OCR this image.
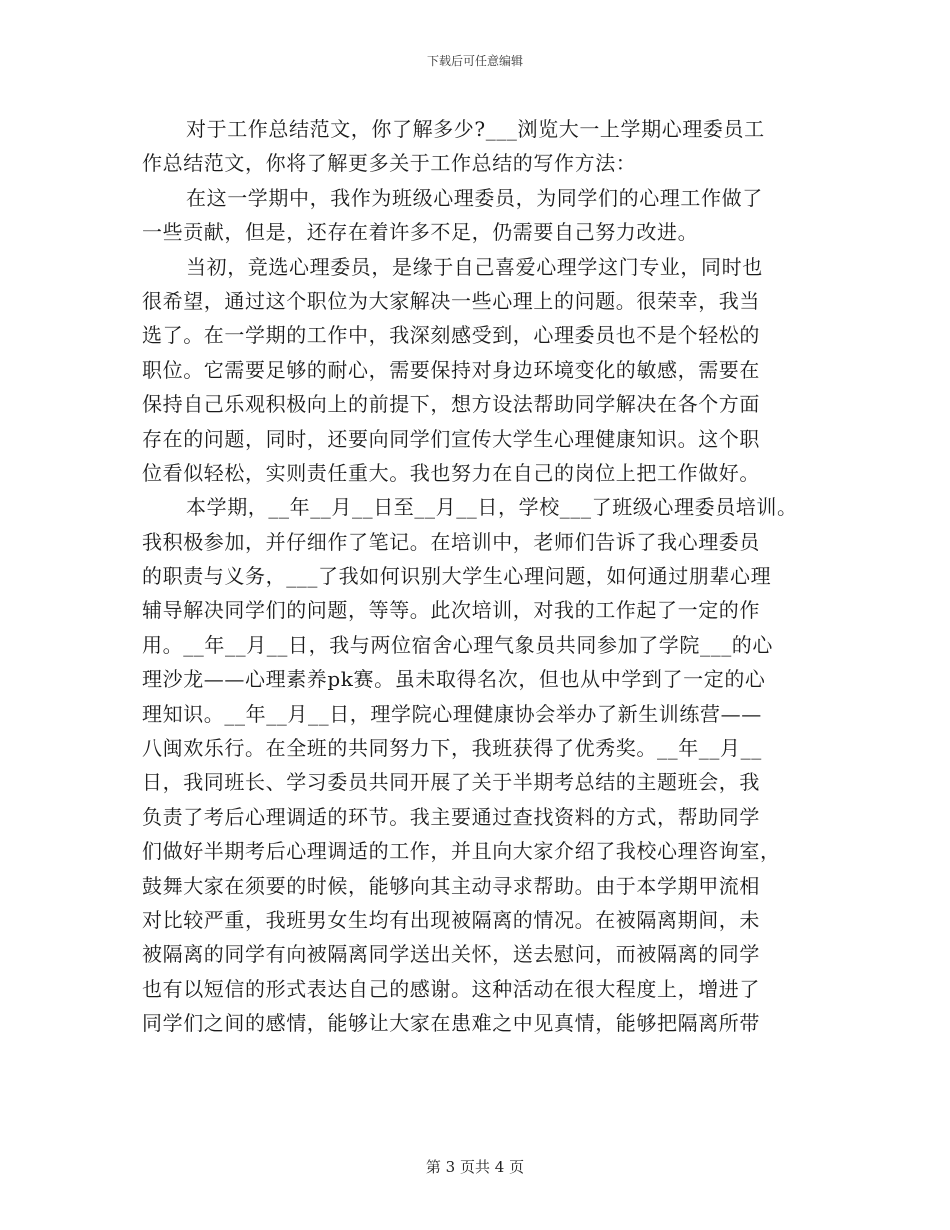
下载后可任意编辑
对于工作总结范文，你了解多少?___浏览大一上学期心理委员工
作总结范文，你将了解更多关于工作总结的写作方法：
在这一学期中，我作为班级心理委员，为同学们的心理工作做了
一些贡献，但是，还存在着许多不足，仍需要自己努力改进。
当初，竞选心理委员，是缘于自己喜爱心理学这门专业，同时也
很希望，通过这个职位为大家解决一些心理上的问题。很荣幸，我当
选了。在一学期的工作中，我深刻感受到，心理委员也不是个轻松的
职位。它需要足够的耐心，需要保持对身边环境变化的敏感，需要在
保持自己乐观积极向上的前提下，想方设法帮助同学解决在各个方面
存在的问题，同时，还要向同学们宣传大学生心理健康知识。这个职
位看似轻松，实则责任重大。我也努力在自己的岗位上把工作做好。
本学期，__年__月__日至__月__日，学校___了班级心理委员培训。
我积极参加，并仔细作了笔记。在培训中，老师们告诉了我心理委员
的职责与义务，___了我如何识别大学生心理问题，如何通过朋辈心理
辅导解决同学们的问题，等等。此次培训，对我的工作起了一定的作
用。__年__月__日，我与两位宿舍心理气象员共同参加了学院___的心
理沙龙——心理素养pk赛。虽未取得名次，但也从中学到了一定的心
理知识。__年__月__日，理学院心理健康协会举办了新生训练营——
八闽欢乐行。在全班的共同努力下，我班获得了优秀奖。__年__月__
日，我同班长、学习委员共同开展了关于半期考总结的主题班会，我
负责了考后心理调适的环节。我主要通过查找资料的方式，帮助同学
们做好半期考后心理调适的工作，并且向大家介绍了我校心理咨询室，
鼓舞大家在须要的时候，能够向其主动寻求帮助。由于本学期甲流相
对比较严重，我班男女生均有出现被隔离的情况。在被隔离期间，未
被隔离的同学有向被隔离同学送出关怀，送去慰问，而被隔离的同学
也有以短信的形式表达自己的感谢。这种活动在很大程度上，增进了
同学们之间的感情，能够让大家在患难之中见真情，能够把隔离所带
第 3 页共 4 页
